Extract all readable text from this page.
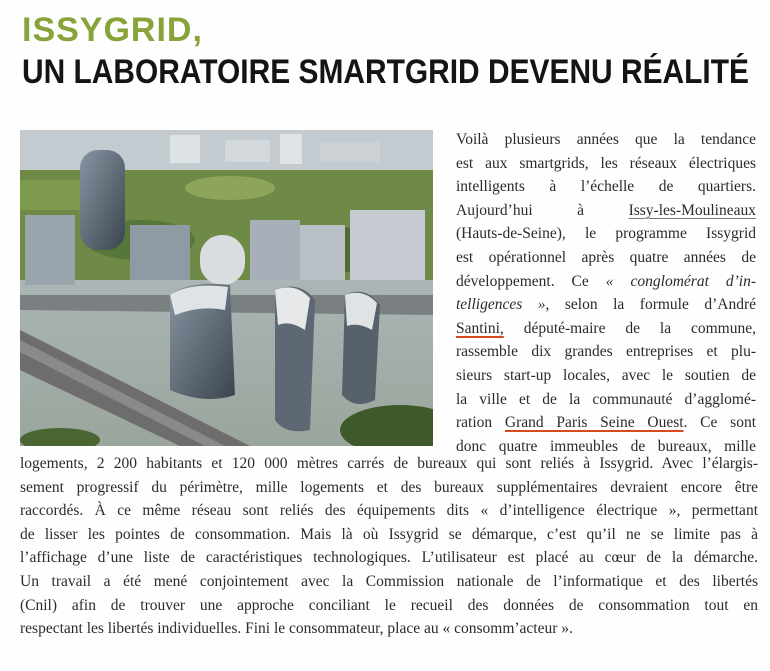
ISSYGRID,
UN LABORATOIRE SMARTGRID DEVENU RÉALITÉ
Voilà plusieurs années que la tendance
est aux smartgrids, les réseaux électriques
intelligents à l’échelle de quartiers.
Aujourd’hui à Issy-les-Moulineaux
(Hauts-de-Seine), le programme Issygrid
est opérationnel après quatre années de
développement. Ce « conglomérat d’in-
telligences », selon la formule d’André
Santini, député-maire de la commune,
rassemble dix grandes entreprises et plu-
sieurs start-up locales, avec le soutien de
la ville et de la communauté d’agglomé-
ration Grand Paris Seine Ouest. Ce sont
donc quatre immeubles de bureaux, mille
logements, 2 200 habitants et 120 000 mètres carrés de bureaux qui sont reliés à Issygrid. Avec l’élargis-
sement progressif du périmètre, mille logements et des bureaux supplémentaires devraient encore être
raccordés. À ce même réseau sont reliés des équipements dits « d’intelligence électrique », permettant
de lisser les pointes de consommation. Mais là où Issygrid se démarque, c’est qu’il ne se limite pas à
l’affichage d’une liste de caractéristiques technologiques. L’utilisateur est placé au cœur de la démarche.
Un travail a été mené conjointement avec la Commission nationale de l’informatique et des libertés
(Cnil) afin de trouver une approche conciliant le recueil des données de consommation tout en
respectant les libertés individuelles. Fini le consommateur, place au « consomm’acteur ».
